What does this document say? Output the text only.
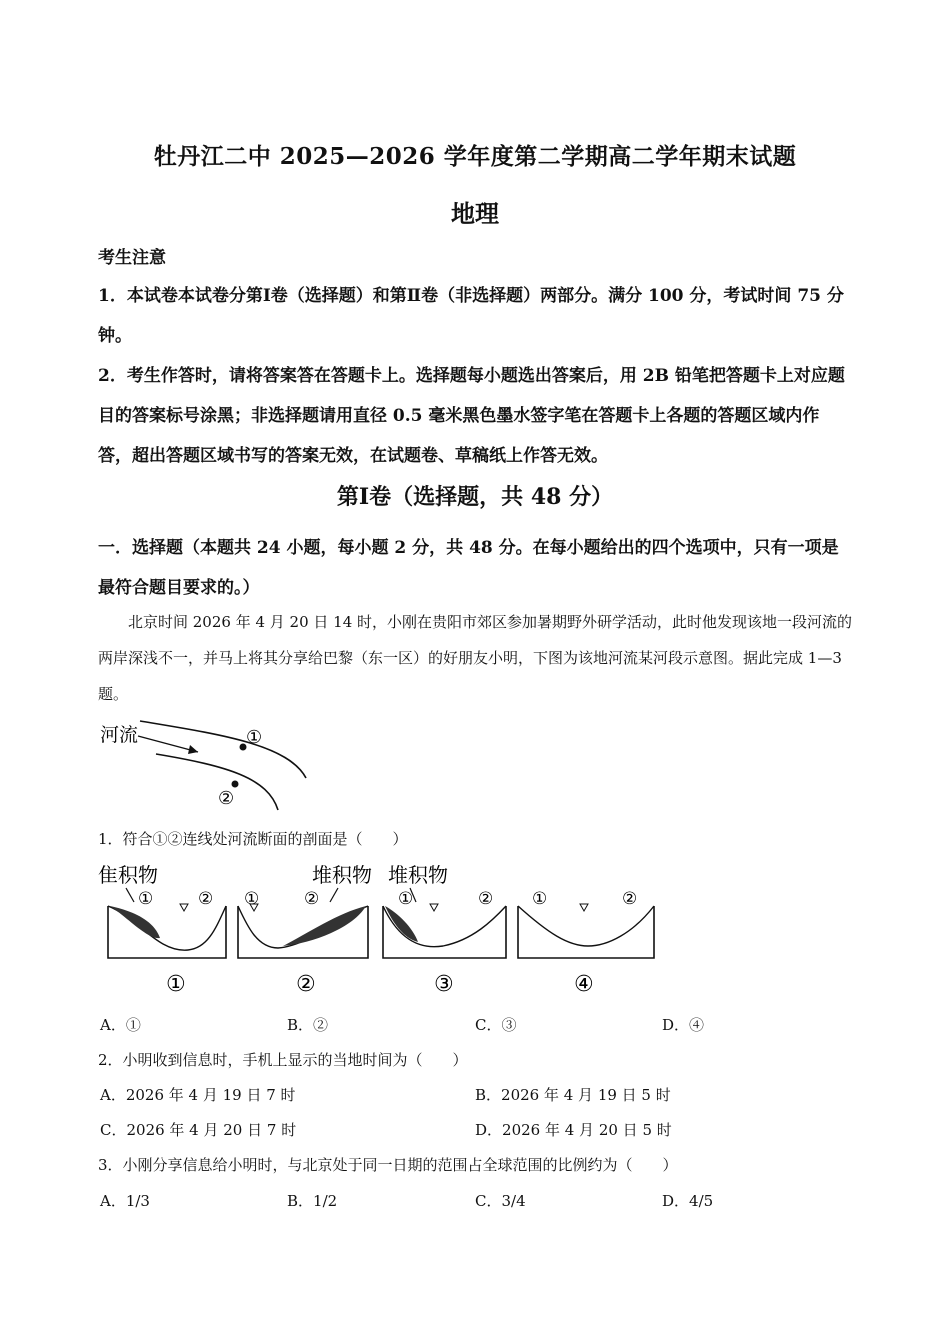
牡丹江二中 2025—2026 学年度第二学期高二学年期末试题
地理
考生注意
1．本试卷本试卷分第Ⅰ卷（选择题）和第Ⅱ卷（非选择题）两部分。满分 100 分，考试时间 75 分钟。
2．考生作答时，请将答案答在答题卡上。选择题每小题选出答案后，用 2B 铅笔把答题卡上对应题目的答案标号涂黑；非选择题请用直径 0.5 毫米黑色墨水签字笔在答题卡上各题的答题区域内作答，超出答题区域书写的答案无效，在试题卷、草稿纸上作答无效。
第Ⅰ卷（选择题，共 48 分）
一．选择题（本题共 24 小题，每小题 2 分，共 48 分。在每小题给出的四个选项中，只有一项是最符合题目要求的。）
北京时间 2026 年 4 月 20 日 14 时，小刚在贵阳市郊区参加暑期野外研学活动，此时他发现该地一段河流的两岸深浅不一，并马上将其分享给巴黎（东一区）的好朋友小明，下图为该地河流某河段示意图。据此完成 1—3 题。
河流	①
②
1．符合①②连线处河流断面的剖面是（　　）
隹积物
①	②
①
堆积物
①	②
②
堆积物
①	②
③
①	②
④
A．①	B．②	C．③	D．④
2．小明收到信息时，手机上显示的当地时间为（　　）
A．2026 年 4 月 19 日 7 时	B．2026 年 4 月 19 日 5 时
C．2026 年 4 月 20 日 7 时	D．2026 年 4 月 20 日 5 时
3．小刚分享信息给小明时，与北京处于同一日期的范围占全球范围的比例约为（　　）
A．1/3	B．1/2	C．3/4	D．4/5
